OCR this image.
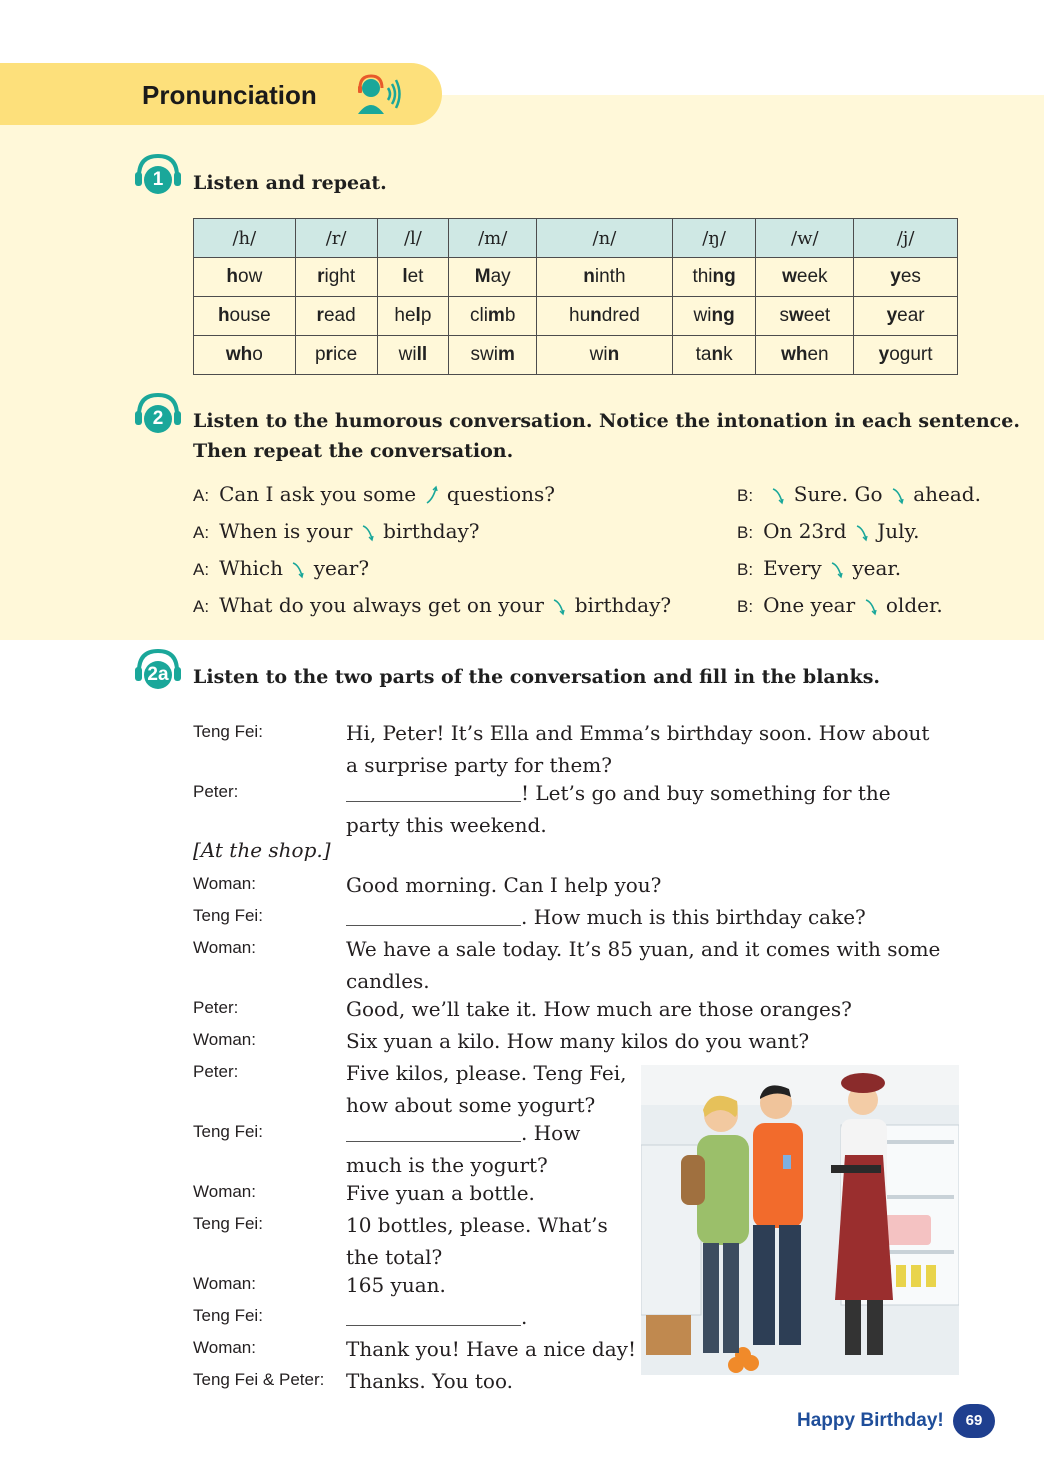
Pronunciation
1	Listen and repeat.
/h/	/r/	/l/	/m/	/n/	/ŋ/	/w/	/j/
how	right	let	May	ninth	thing	week	yes
house	read	help	climb	hundred	wing	sweet	year
who	price	will	swim	win	tank	when	yogurt
2	Listen to the humorous conversation. Notice the intonation in each sentence.
Then repeat the conversation.
A: Can I ask you some questions?
A: When is your birthday?
A: Which year?
A: What do you always get on your birthday?
B: Sure. Go ahead.
B: On 23rd July.
B: Every year.
B: One year older.
2a	Listen to the two parts of the conversation and fill in the blanks.
Teng Fei:	Hi, Peter! It’s Ella and Emma’s birthday soon. How about a surprise party for them?
Peter:	! Let’s go and buy something for the party this weekend.
[At the shop.]
Woman:	Good morning. Can I help you?
Teng Fei:	. How much is this birthday cake?
Woman:	We have a sale today. It’s 85 yuan, and it comes with some candles.
Peter:	Good, we’ll take it. How much are those oranges?
Woman:	Six yuan a kilo. How many kilos do you want?
Peter:	Five kilos, please. Teng Fei, how about some yogurt?
Teng Fei:	. How much is the yogurt?
Woman:	Five yuan a bottle.
Teng Fei:	10 bottles, please. What’s the total?
Woman:	165 yuan.
Teng Fei:	.
Woman:	Thank you! Have a nice day!
Teng Fei & Peter: Thanks. You too.
Happy Birthday!	69
